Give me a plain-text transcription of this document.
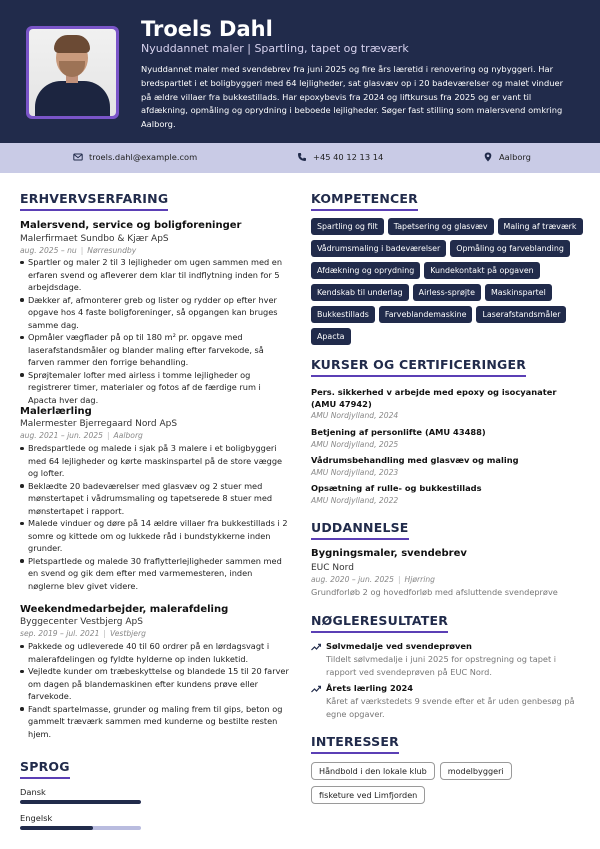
Troels Dahl
Nyuddannet maler | Spartling, tapet og træværk
Nyuddannet maler med svendebrev fra juni 2025 og fire års læretid i renovering og nybyggeri. Har bredspartlet i et boligbyggeri med 64 lejligheder, sat glasvæv op i 20 badeværelser og malet vinduer på ældre villaer fra bukkestillads. Har epoxybevis fra 2024 og liftkursus fra 2025 og er vant til afdækning, opmåling og oprydning i beboede lejligheder. Søger fast stilling som malersvend omkring Aalborg.
troels.dahl@example.com	+45 40 12 13 14	Aalborg
ERHVERVSERFARING
Malersvend, service og boligforeninger
Malerfirmaet Sundbo & Kjær ApS
aug. 2025 – nu | Nørresundby
Spartler og maler 2 til 3 lejligheder om ugen sammen med en erfaren svend og afleverer dem klar til indflytning inden for 5 arbejdsdage.
Dækker af, afmonterer greb og lister og rydder op efter hver opgave hos 4 faste boligforeninger, så opgangen kan bruges samme dag.
Opmåler vægflader på op til 180 m² pr. opgave med laserafstandsmåler og blander maling efter farvekode, så farven rammer den forrige behandling.
Sprøjtemaler lofter med airless i tomme lejligheder og registrerer timer, materialer og fotos af de færdige rum i Apacta hver dag.
Malerlærling
Malermester Bjerregaard Nord ApS
aug. 2021 – jun. 2025 | Aalborg
Bredspartlede og malede i sjak på 3 malere i et boligbyggeri med 64 lejligheder og kørte maskinspartel på de store vægge og lofter.
Beklædte 20 badeværelser med glasvæv og 2 stuer med mønstertapet i vådrumsmaling og tapetserede 8 stuer med mønstertapet i rapport.
Malede vinduer og døre på 14 ældre villaer fra bukkestillads i 2 somre og kittede om og lukkede råd i bundstykkerne inden grunder.
Pletspartlede og malede 30 fraflytterlejligheder sammen med en svend og gik dem efter med varmemesteren, inden nøglerne blev givet videre.
Weekendmedarbejder, malerafdeling
Byggecenter Vestbjerg ApS
sep. 2019 – jul. 2021 | Vestbjerg
Pakkede og udleverede 40 til 60 ordrer på en lørdagsvagt i malerafdelingen og fyldte hylderne op inden lukketid.
Vejledte kunder om træbeskyttelse og blandede 15 til 20 farver om dagen på blandemaskinen efter kundens prøve eller farvekode.
Fandt spartelmasse, grunder og maling frem til gips, beton og gammelt træværk sammen med kunderne og bestilte resten hjem.
SPROG
Dansk
Engelsk
KOMPETENCER
Spartling og filt	Tapetsering og glasvæv	Maling af træværk
Vådrumsmaling i badeværelser	Opmåling og farveblanding
Afdækning og oprydning	Kundekontakt på opgaven
Kendskab til underlag	Airless-sprøjte	Maskinspartel
Bukkestillads	Farveblandemaskine	Laserafstandsmåler
Apacta
KURSER OG CERTIFICERINGER
Pers. sikkerhed v arbejde med epoxy og isocyanater (AMU 47942)
AMU Nordjylland, 2024
Betjening af personlifte (AMU 43488)
AMU Nordjylland, 2025
Vådrumsbehandling med glasvæv og maling
AMU Nordjylland, 2023
Opsætning af rulle- og bukkestillads
AMU Nordjylland, 2022
UDDANNELSE
Bygningsmaler, svendebrev
EUC Nord
aug. 2020 – jun. 2025 | Hjørring
Grundforløb 2 og hovedforløb med afsluttende svendeprøve
NØGLERESULTATER
Sølvmedalje ved svendeprøven
Tildelt sølvmedalje i juni 2025 for opstregning og tapet i rapport ved svendeprøven på EUC Nord.
Årets lærling 2024
Kåret af værkstedets 9 svende efter et år uden genbesøg på egne opgaver.
INTERESSER
Håndbold i den lokale klub	modelbyggeri
fisketure ved Limfjorden
